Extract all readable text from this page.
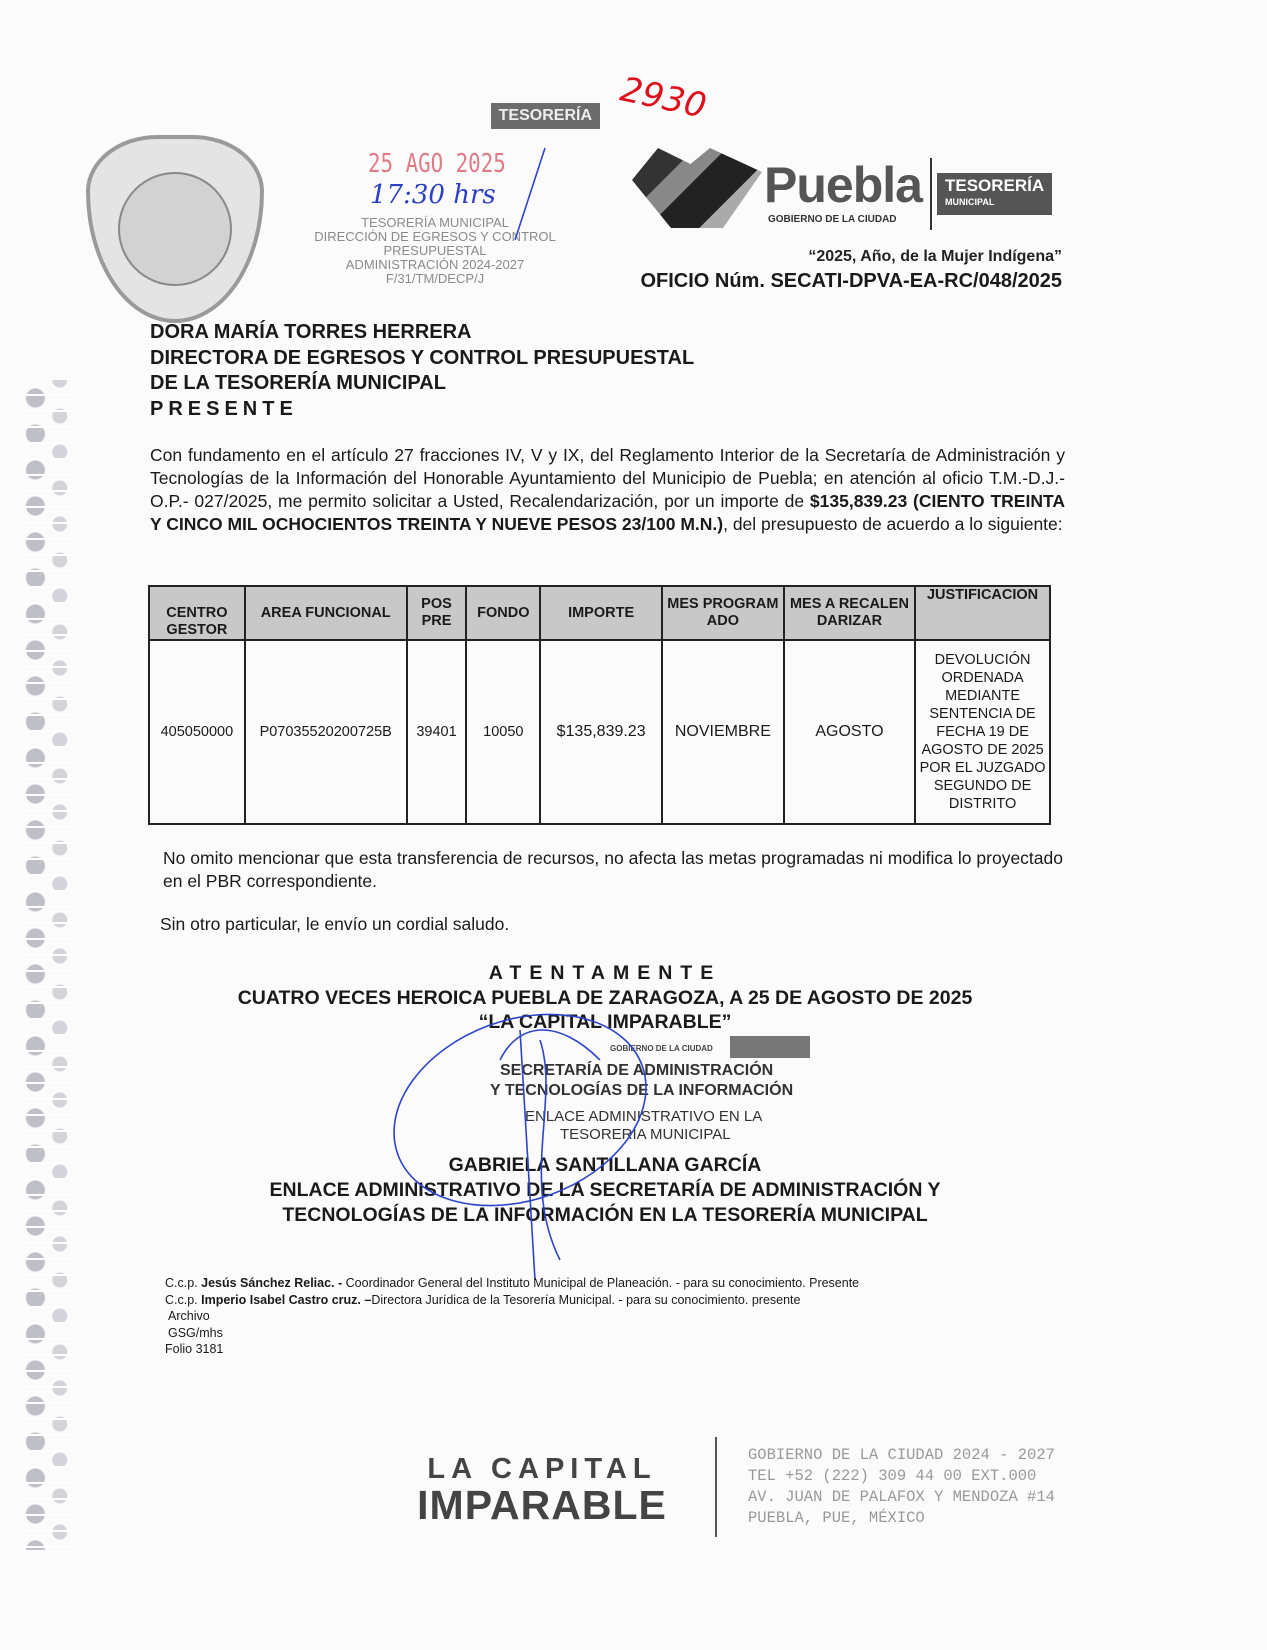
TESORERÍA
25 AGO 2025
17:30 hrs
TESORERÍA MUNICIPAL
DIRECCIÓN DE EGRESOS Y CONTROL
PRESUPUESTAL
ADMINISTRACIÓN 2024-2027
F/31/TM/DECP/J
2930
Puebla
GOBIERNO DE LA CIUDAD
TESORERÍA
MUNICIPAL
“2025, Año, de la Mujer Indígena”
OFICIO Núm. SECATI-DPVA-EA-RC/048/2025
DORA MARÍA TORRES HERRERA
DIRECTORA DE EGRESOS Y CONTROL PRESUPUESTAL
DE LA TESORERÍA MUNICIPAL
PRESENTE
Con fundamento en el artículo 27 fracciones IV, V y IX, del Reglamento Interior de la Secretaría de Administración y Tecnologías de la Información del Honorable Ayuntamiento del Municipio de Puebla; en atención al oficio T.M.-D.J.-O.P.- 027/2025, me permito solicitar a Usted, Recalendarización, por un importe de $135,839.23 (CIENTO TREINTA Y CINCO MIL OCHOCIENTOS TREINTA Y NUEVE PESOS 23/100 M.N.), del presupuesto de acuerdo a lo siguiente:
CENTRO GESTOR	AREA FUNCIONAL	POS PRE	FONDO	IMPORTE	MES PROGRAMADO	MES A RECALENDARIZAR	JUSTIFICACION
405050000	P07035520200725B	39401	10050	$135,839.23	NOVIEMBRE	AGOSTO	DEVOLUCIÓN ORDENADA MEDIANTE SENTENCIA DE FECHA 19 DE AGOSTO DE 2025 POR EL JUZGADO SEGUNDO DE DISTRITO
No omito mencionar que esta transferencia de recursos, no afecta las metas programadas ni modifica lo proyectado en el PBR correspondiente.
Sin otro particular, le envío un cordial saludo.
ATENTAMENTE
CUATRO VECES HEROICA PUEBLA DE ZARAGOZA, A 25 DE AGOSTO DE 2025
“LA CAPITAL IMPARABLE”
GOBIERNO DE LA CIUDAD
SECRETARÍA DE ADMINISTRACIÓN
Y TECNOLOGÍAS DE LA INFORMACIÓN
ENLACE ADMINISTRATIVO EN LA
TESORERÍA MUNICIPAL
GABRIELA SANTILLANA GARCÍA
ENLACE ADMINISTRATIVO DE LA SECRETARÍA DE ADMINISTRACIÓN Y
TECNOLOGÍAS DE LA INFORMACIÓN EN LA TESORERÍA MUNICIPAL
C.c.p. Jesús Sánchez Reliac. - Coordinador General del Instituto Municipal de Planeación. - para su conocimiento. Presente
C.c.p. Imperio Isabel Castro cruz. –Directora Jurídica de la Tesorería Municipal. - para su conocimiento. presente
Archivo
GSG/mhs
Folio 3181
LA CAPITAL
IMPARABLE
GOBIERNO DE LA CIUDAD 2024 - 2027
TEL +52 (222) 309 44 00 EXT.000
AV. JUAN DE PALAFOX Y MENDOZA #14
PUEBLA, PUE, MÉXICO
